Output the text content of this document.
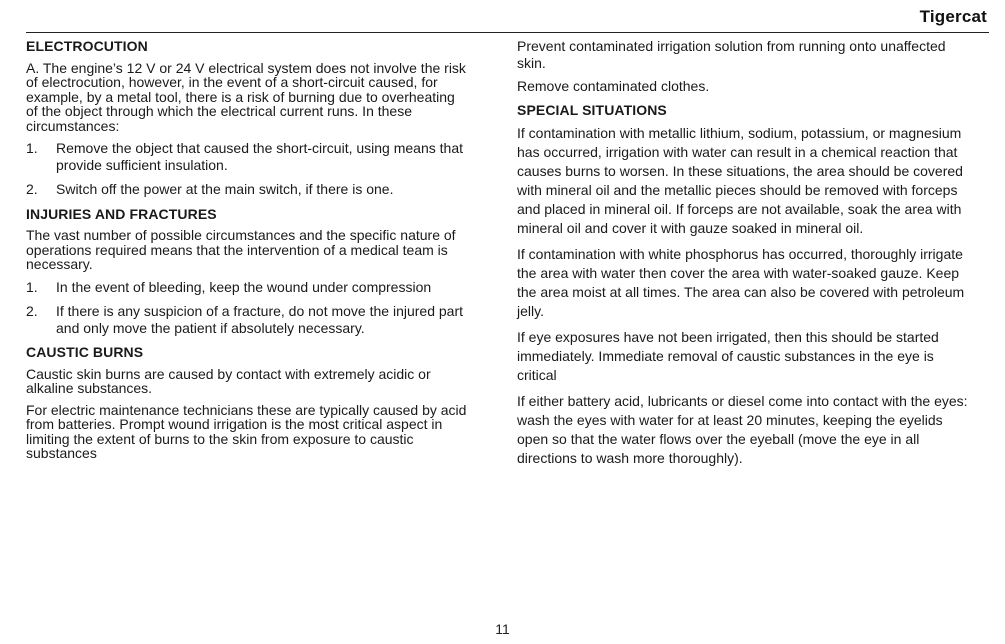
Tigercat
ELECTROCUTION

A. The engine’s 12 V or 24 V electrical system does not involve the risk of electrocution, however, in the event of a short-circuit caused, for example, by a metal tool, there is a risk of burning due to overheating of the object through which the electrical current runs. In these circumstances:

1.	Remove the object that caused the short-circuit, using means that provide sufficient insulation.
2.	Switch off the power at the main switch, if there is one.
INJURIES AND FRACTURES

The vast number of possible circumstances and the specific nature of operations required means that the intervention of a medical team is necessary.

1.	In the event of bleeding, keep the wound under compression
2.	If there is any suspicion of a fracture, do not move the injured part and only move the patient if absolutely necessary.
CAUSTIC BURNS

Caustic skin burns are caused by contact with extremely acidic or alkaline substances.

For electric maintenance technicians these are typically caused by acid from batteries. Prompt wound irrigation is the most critical aspect in limiting the extent of burns to the skin from exposure to caustic substances

Prevent contaminated irrigation solution from running onto unaffected skin.

Remove contaminated clothes.

SPECIAL SITUATIONS

If contamination with metallic lithium, sodium, potassium, or magnesium has occurred, irrigation with water can result in a chemical reaction that causes burns to worsen. In these situations, the area should be covered with mineral oil and the metallic pieces should be removed with forceps and placed in mineral oil. If forceps are not available, soak the area with mineral oil and cover it with gauze soaked in mineral oil.

If contamination with white phosphorus has occurred, thoroughly irrigate the area with water then cover the area with water-soaked gauze. Keep the area moist at all times. The area can also be covered with petroleum jelly.

If eye exposures have not been irrigated, then this should be started immediately. Immediate removal of caustic substances in the eye is critical

If either battery acid, lubricants or diesel come into contact with the eyes: wash the eyes with water for at least 20 minutes, keeping the eyelids open so that the water flows over the eyeball (move the eye in all directions to wash more thoroughly).

11
